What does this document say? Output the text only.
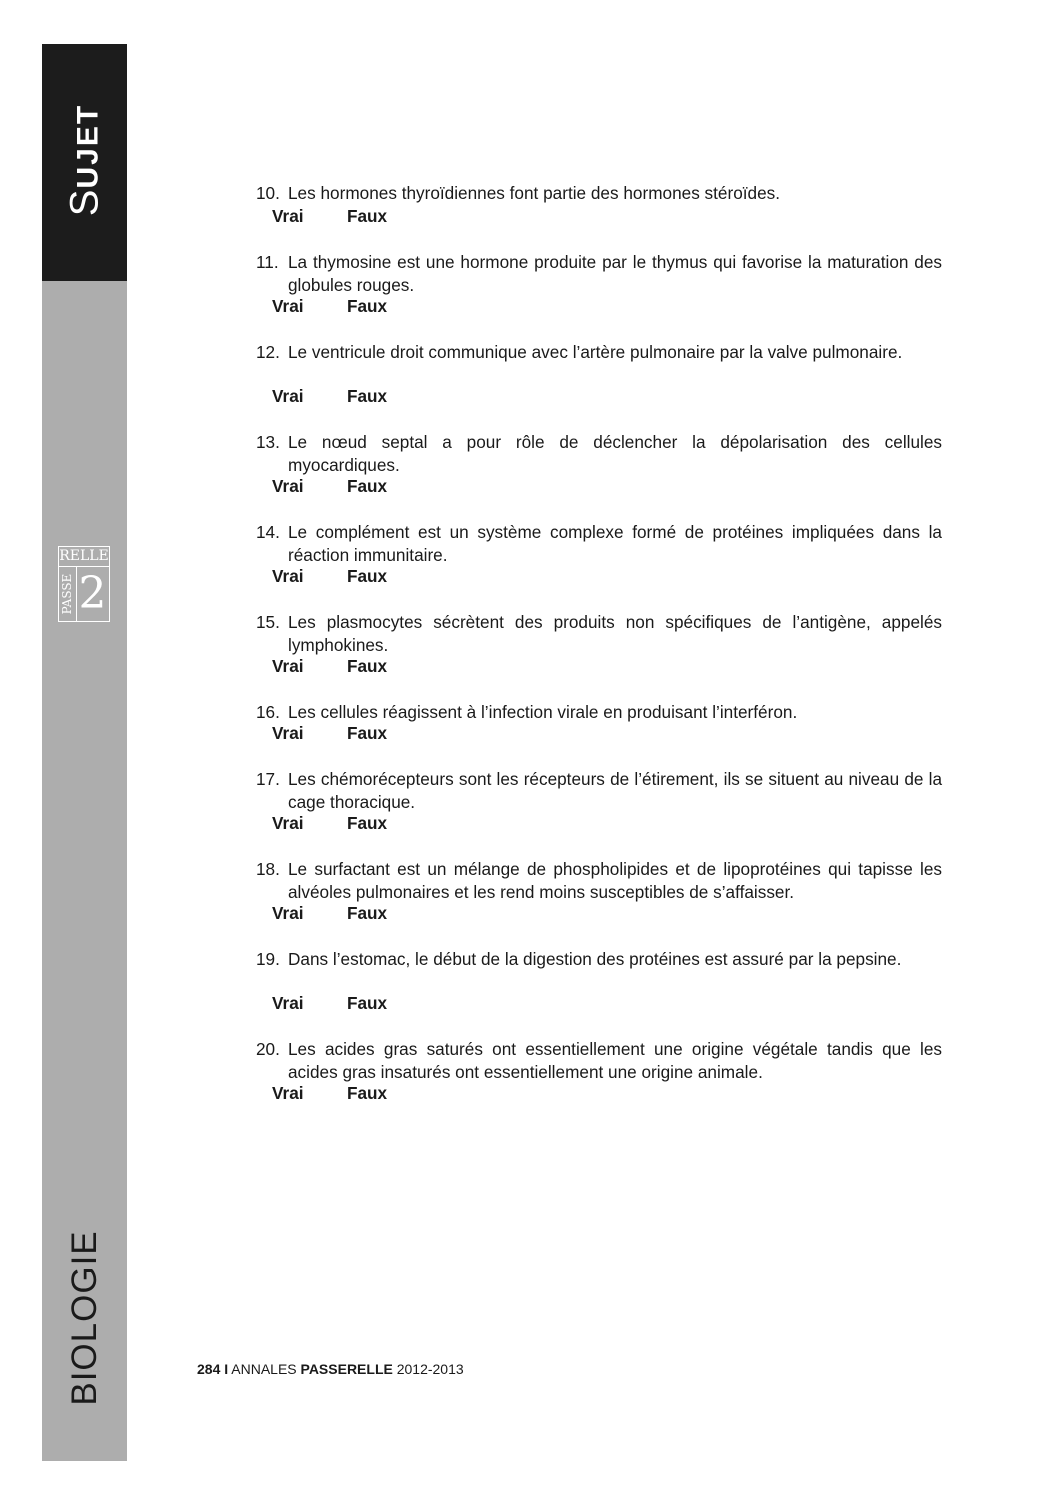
SUJET
RELLE
PASSE 2
BIOLOGIE
10. Les hormones thyroïdiennes font partie des hormones stéroïdes.
Vrai	Faux
11. La thymosine est une hormone produite par le thymus qui favorise la maturation des globules rouges.
Vrai	Faux
12. Le ventricule droit communique avec l’artère pulmonaire par la valve pulmonaire.
Vrai	Faux
13. Le nœud septal a pour rôle de déclencher la dépolarisation des cellules myocardiques.
Vrai	Faux
14. Le complément est un système complexe formé de protéines impliquées dans la réaction immunitaire.
Vrai	Faux
15. Les plasmocytes sécrètent des produits non spécifiques de l’antigène, appelés lymphokines.
Vrai	Faux
16. Les cellules réagissent à l’infection virale en produisant l’interféron.
Vrai	Faux
17. Les chémorécepteurs sont les récepteurs de l’étirement, ils se situent au niveau de la cage thoracique.
Vrai	Faux
18. Le surfactant est un mélange de phospholipides et de lipoprotéines qui tapisse les alvéoles pulmonaires et les rend moins susceptibles de s’affaisser.
Vrai	Faux
19. Dans l’estomac, le début de la digestion des protéines est assuré par la pepsine.
Vrai	Faux
20. Les acides gras saturés ont essentiellement une origine végétale tandis que les acides gras insaturés ont essentiellement une origine animale.
Vrai	Faux
284 I ANNALES PASSERELLE 2012-2013
